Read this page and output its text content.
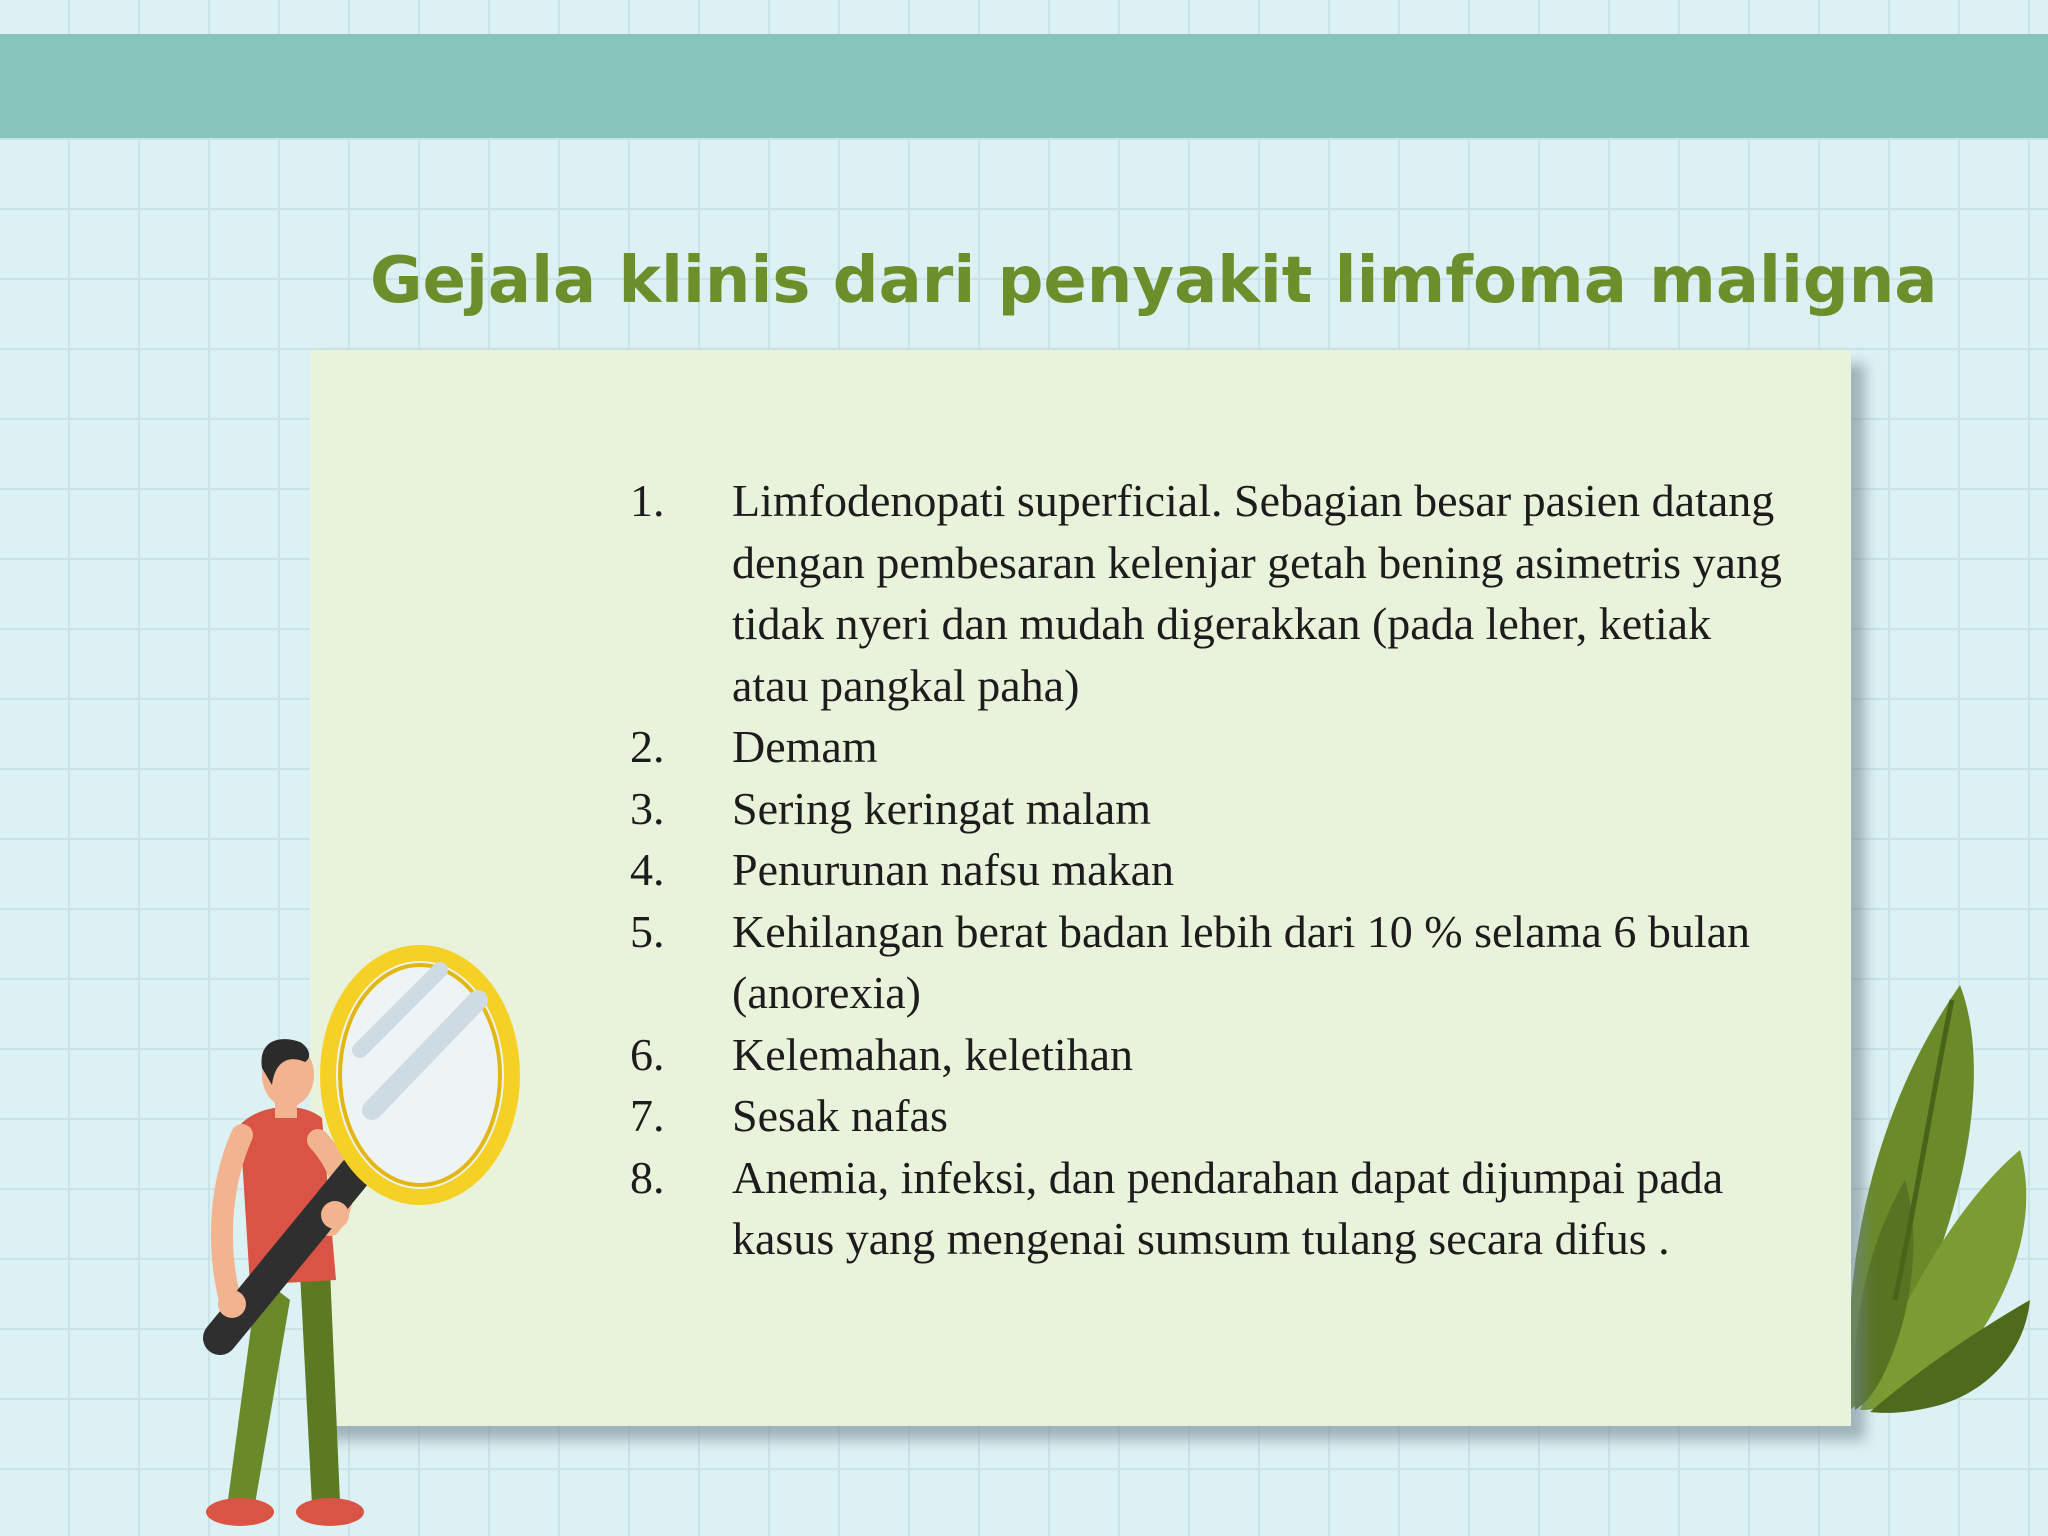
Gejala klinis dari penyakit limfoma maligna
1.	Limfodenopati superficial. Sebagian besar pasien datang dengan pembesaran kelenjar getah bening asimetris yang tidak nyeri dan mudah digerakkan (pada leher, ketiak atau pangkal paha)
2.	Demam
3.	Sering keringat malam
4.	Penurunan nafsu makan
5.	Kehilangan berat badan lebih dari 10 % selama 6 bulan (anorexia)
6.	Kelemahan, keletihan
7.	Sesak nafas
8.	Anemia, infeksi, dan pendarahan dapat dijumpai pada kasus yang mengenai sumsum tulang secara difus .
